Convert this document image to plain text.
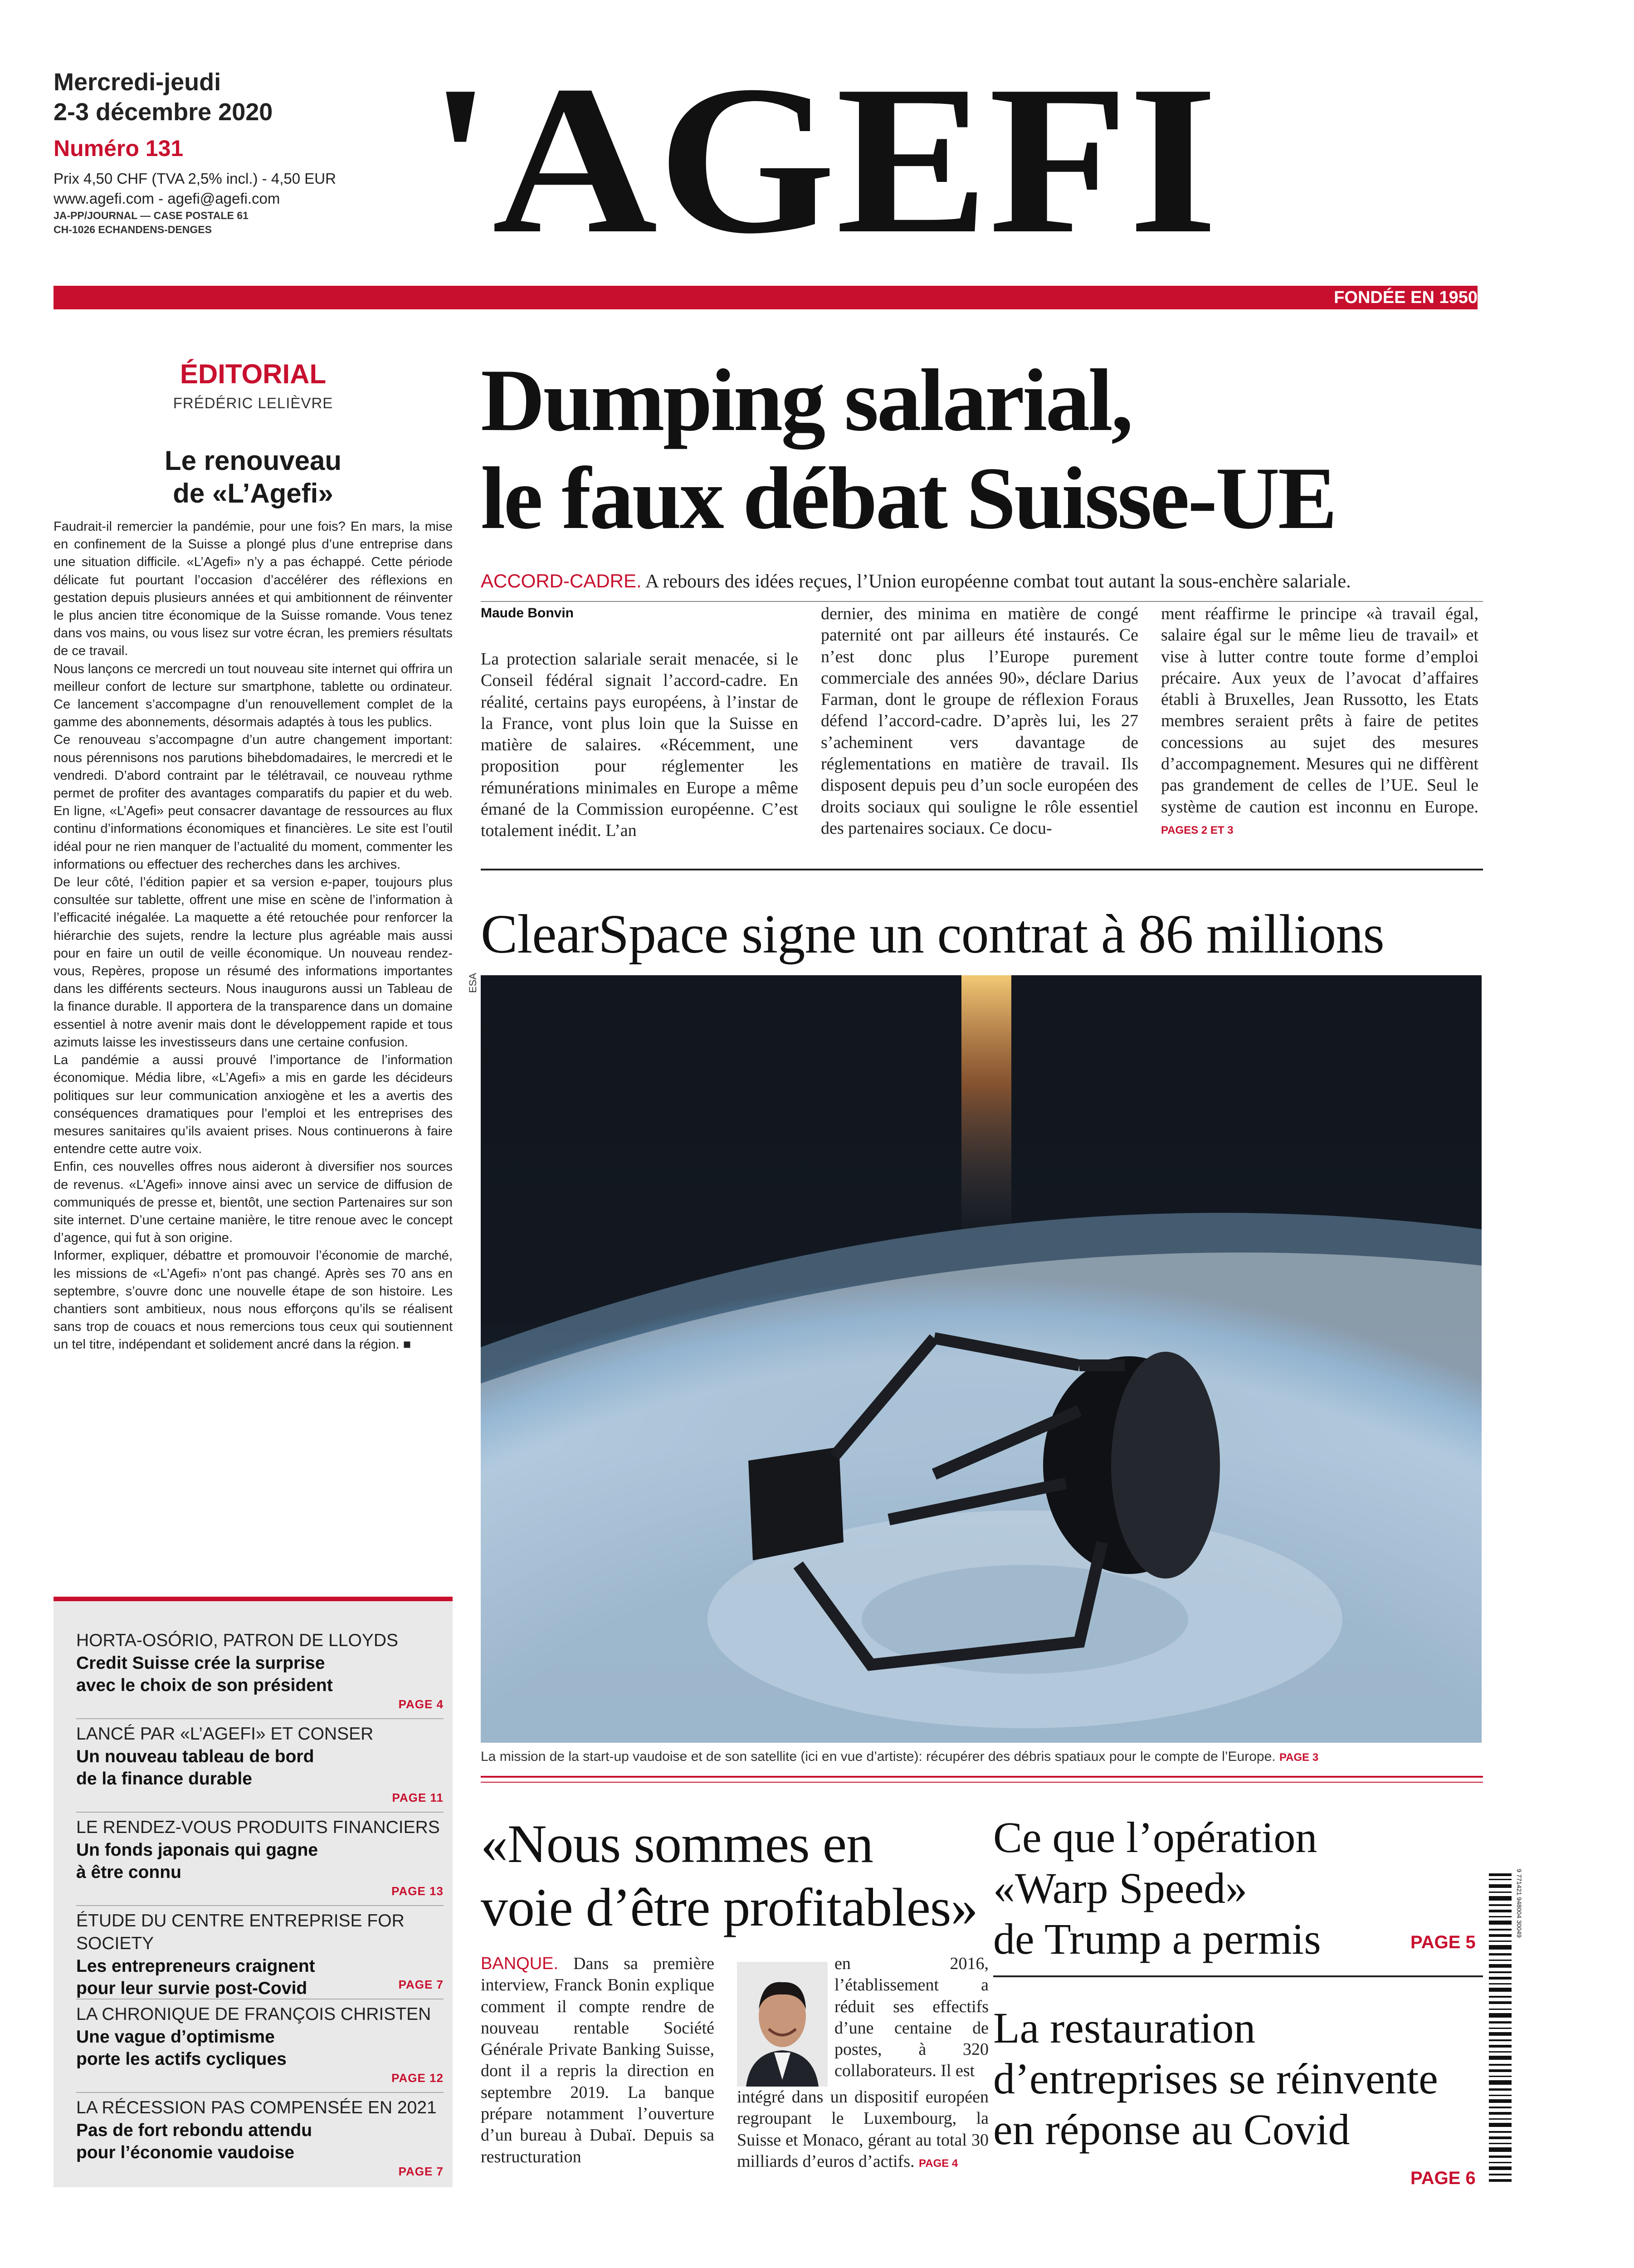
Mercredi-jeudi
2-3 décembre 2020
Numéro 131
Prix 4,50 CHF (TVA 2,5% incl.) - 4,50 EUR
www.agefi.com - agefi@agefi.com
JA-PP/JOURNAL — CASE POSTALE 61
CH-1026 ECHANDENS-DENGES 'AGEFI
FONDÉE EN 1950
ÉDITORIAL
FRÉDÉRIC LELIÈVRE
Le renouveau
de «L’Agefi»

Faudrait-il remercier la pandémie, pour une fois? En mars, la mise en confinement de la Suisse a plongé plus d’une entreprise dans une situation difficile. «L’Agefi» n’y a pas échappé. Cette période délicate fut pourtant l’occasion d’accélérer des réflexions en gestation depuis plusieurs années et qui ambitionnent de réinventer le plus ancien titre économique de la Suisse romande. Vous tenez dans vos mains, ou vous lisez sur votre écran, les premiers résultats de ce travail.

Nous lançons ce mercredi un tout nouveau site internet qui offrira un meilleur confort de lecture sur smartphone, tablette ou ordinateur. Ce lancement s’accompagne d’un renouvellement complet de la gamme des abonnements, désormais adaptés à tous les publics.

Ce renouveau s’accompagne d’un autre changement important: nous pérennisons nos parutions bihebdomadaires, le mercredi et le vendredi. D’abord contraint par le télétravail, ce nouveau rythme permet de profiter des avantages comparatifs du papier et du web. En ligne, «L’Agefi» peut consacrer davantage de ressources au flux continu d’informations économiques et financières. Le site est l’outil idéal pour ne rien manquer de l’actualité du moment, commenter les informations ou effectuer des recherches dans les archives.

De leur côté, l’édition papier et sa version e-paper, toujours plus consultée sur tablette, offrent une mise en scène de l’information à l’efficacité inégalée. La maquette a été retouchée pour renforcer la hiérarchie des sujets, rendre la lecture plus agréable mais aussi pour en faire un outil de veille économique. Un nouveau rendez-vous, Repères, propose un résumé des informations importantes dans les différents secteurs. Nous inaugurons aussi un Tableau de la finance durable. Il apportera de la transparence dans un domaine essentiel à notre avenir mais dont le développement rapide et tous azimuts laisse les investisseurs dans une certaine confusion.

La pandémie a aussi prouvé l’importance de l’information économique. Média libre, «L’Agefi» a mis en garde les décideurs politiques sur leur communication anxiogène et les a avertis des conséquences dramatiques pour l’emploi et les entreprises des mesures sanitaires qu’ils avaient prises. Nous continuerons à faire entendre cette autre voix.

Enfin, ces nouvelles offres nous aideront à diversifier nos sources de revenus. «L’Agefi» innove ainsi avec un service de diffusion de communiqués de presse et, bientôt, une section Partenaires sur son site internet. D’une certaine manière, le titre renoue avec le concept d’agence, qui fut à son origine.

Informer, expliquer, débattre et promouvoir l’économie de marché, les missions de «L’Agefi» n’ont pas changé. Après ses 70 ans en septembre, s’ouvre donc une nouvelle étape de son histoire. Les chantiers sont ambitieux, nous nous efforçons qu’ils se réalisent sans trop de couacs et nous remercions tous ceux qui soutiennent un tel titre, indépendant et solidement ancré dans la région. ■

HORTA-OSÓRIO, PATRON DE LLOYDS
Credit Suisse crée la surprise
avec le choix de son président
PAGE 4
LANCÉ PAR «L’AGEFI» ET CONSER
Un nouveau tableau de bord
de la finance durable
PAGE 11
LE RENDEZ-VOUS PRODUITS FINANCIERS
Un fonds japonais qui gagne
à être connu
PAGE 13
ÉTUDE DU CENTRE ENTREPRISE FOR SOCIETY
Les entrepreneurs craignent
pour leur survie post-Covid	PAGE 7
LA CHRONIQUE DE FRANÇOIS CHRISTEN
Une vague d’optimisme
porte les actifs cycliques
PAGE 12
LA RÉCESSION PAS COMPENSÉE EN 2021
Pas de fort rebondu attendu
pour l’économie vaudoise
PAGE 7
Dumping salarial,
le faux débat Suisse-UE
ACCORD-CADRE. A rebours des idées reçues, l’Union européenne combat tout autant la sous-enchère salariale.
Maude Bonvin
La protection salariale serait menacée, si le Conseil fédéral signait l’accord-cadre. En réalité, certains pays européens, à l’instar de la France, vont plus loin que la Suisse en matière de salaires. «Récemment, une proposition pour réglementer les rémunérations minimales en Europe a même émané de la Commission européenne. C’est totalement inédit. L’an
dernier, des minima en matière de congé paternité ont par ailleurs été instaurés. Ce n’est donc plus l’Europe purement commerciale des années 90», déclare Darius Farman, dont le groupe de réflexion Foraus défend l’accord-cadre. D’après lui, les 27 s’acheminent vers davantage de réglementations en matière de travail. Ils disposent depuis peu d’un socle européen des droits sociaux qui souligne le rôle essentiel des partenaires sociaux. Ce docu-
ment réaffirme le principe «à travail égal, salaire égal sur le même lieu de travail» et vise à lutter contre toute forme d’emploi précaire. Aux yeux de l’avocat d’affaires établi à Bruxelles, Jean Russotto, les Etats membres seraient prêts à faire de petites concessions au sujet des mesures d’accompagnement. Mesures qui ne diffèrent pas grandement de celles de l’UE. Seul le système de caution est inconnu en Europe. PAGES 2 ET 3
ClearSpace signe un contrat à 86 millions
ESA
La mission de la start-up vaudoise et de son satellite (ici en vue d’artiste): récupérer des débris spatiaux pour le compte de l’Europe. PAGE 3
«Nous sommes en
voie d’être profitables»
BANQUE. Dans sa première interview, Franck Bonin explique comment il compte rendre de nouveau rentable Société Générale Private Banking Suisse, dont il a repris la direction en septembre 2019. La banque prépare notamment l’ouverture d’un bureau à Dubaï. Depuis sa restructuration
en 2016, l’établissement a réduit ses effectifs d’une centaine de postes, à 320 collaborateurs. Il est
intégré dans un dispositif européen regroupant le Luxembourg, la Suisse et Monaco, gérant au total 30 milliards d’euros d’actifs. PAGE 4
Ce que l’opération
«Warp Speed»
de Trump a permis	PAGE 5
La restauration
d’entreprises se réinvente
en réponse au Covid
PAGE 6
9 771421 948004 30049
